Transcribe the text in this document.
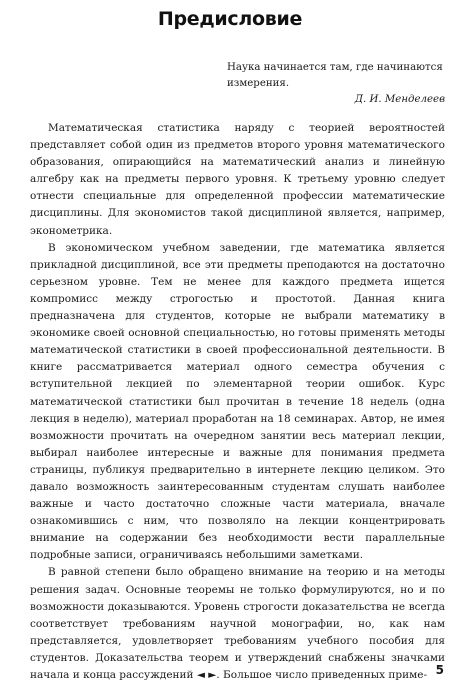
Предисловие

Наука начинается там, где начинаются измерения.

Д. И. Менделеев

Математическая статистика наряду с теорией вероятностей представляет собой один из предметов второго уровня математического образования, опирающийся на математический анализ и линейную алгебру как на предметы первого уровня. К третьему уровню следует отнести специальные для определенной профессии математические дисциплины. Для экономистов такой дисциплиной является, например, эконометрика.

В экономическом учебном заведении, где математика является прикладной дисциплиной, все эти предметы преподаются на достаточно серьезном уровне. Тем не менее для каждого предмета ищется компромисс между строгостью и простотой. Данная книга предназначена для студентов, которые не выбрали математику в экономике своей основной специальностью, но готовы применять методы математической статистики в своей профессиональной деятельности. В книге рассматривается материал одного семестра обучения с вступительной лекцией по элементарной теории ошибок. Курс математической статистики был прочитан в течение 18 недель (одна лекция в неделю), материал проработан на 18 семинарах. Автор, не имея возможности прочитать на очередном занятии весь материал лекции, выбирал наиболее интересные и важные для понимания предмета страницы, публикуя предварительно в интернете лекцию целиком. Это давало возможность заинтересованным студентам слушать наиболее важные и часто достаточно сложные части материала, вначале ознакомившись с ним, что позволяло на лекции концентрировать внимание на содержании без необходимости вести параллельные подробные записи, ограничиваясь небольшими заметками.

В равной степени было обращено внимание на теорию и на методы решения задач. Основные теоремы не только формулируются, но и по возможности доказываются. Уровень строгости доказательства не всегда соответствует требованиям научной монографии, но, как нам представляется, удовлетворяет требованиям учебного пособия для студентов. Доказательства теорем и утверждений снабжены значками начала и конца рассуждений ◄ ►. Большое число приведенных приме- 5
